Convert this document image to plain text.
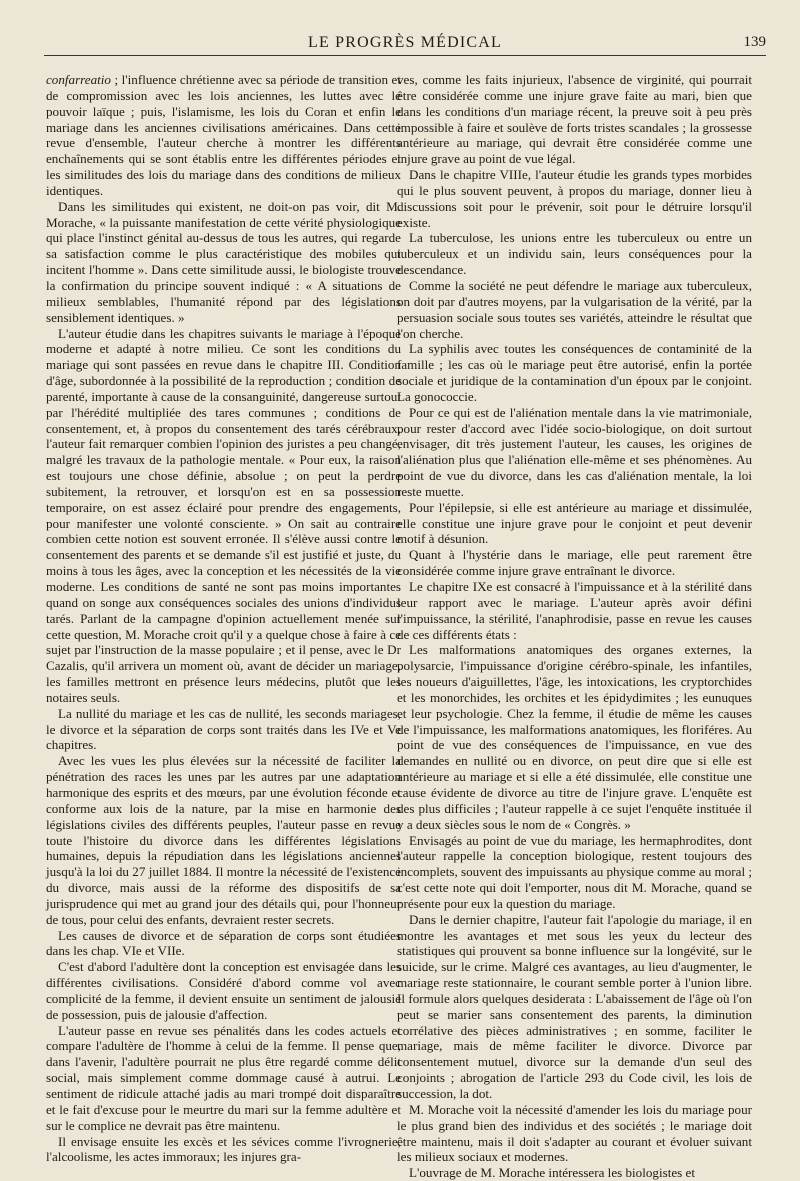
LE PROGRÈS MÉDICAL	139

confarreatio ; l'influence chrétienne avec sa période de transition et de compromission avec les lois anciennes, les luttes avec le pouvoir laïque ; puis, l'islamisme, les lois du Coran et enfin le mariage dans les anciennes civilisations américaines. Dans cette revue d'ensemble, l'auteur cherche à montrer les différents enchaînements qui se sont établis entre les différentes périodes et les similitudes des lois du mariage dans des conditions de milieux identiques.

Dans les similitudes qui existent, ne doit-on pas voir, dit M. Morache, « la puissante manifestation de cette vérité physiologique qui place l'instinct génital au-dessus de tous les autres, qui regarde sa satisfaction comme le plus caractéristique des mobiles qui incitent l'homme ». Dans cette similitude aussi, le biologiste trouve la confirmation du principe souvent indiqué : « A situations de milieux semblables, l'humanité répond par des législations sensiblement identiques. »

L'auteur étudie dans les chapitres suivants le mariage à l'époque moderne et adapté à notre milieu. Ce sont les conditions du mariage qui sont passées en revue dans le chapitre III. Condition d'âge, subordonnée à la possibilité de la reproduction ; condition de parenté, importante à cause de la consanguinité, dangereuse surtout par l'hérédité multipliée des tares communes ; conditions de consentement, et, à propos du consentement des tarés cérébraux, l'auteur fait remarquer combien l'opinion des juristes a peu changé, malgré les travaux de la pathologie mentale. « Pour eux, la raison est toujours une chose définie, absolue ; on peut la perdre subitement, la retrouver, et lorsqu'on est en sa possession temporaire, on est assez éclairé pour prendre des engagements, pour manifester une volonté consciente. » On sait au contraire combien cette notion est souvent erronée. Il s'élève aussi contre le consentement des parents et se demande s'il est justifié et juste, du moins à tous les âges, avec la conception et les nécessités de la vie moderne. Les conditions de santé ne sont pas moins importantes quand on songe aux conséquences sociales des unions d'individus tarés. Parlant de la campagne d'opinion actuellement menée sur cette question, M. Morache croit qu'il y a quelque chose à faire à ce sujet par l'instruction de la masse populaire ; et il pense, avec le Dr Cazalis, qu'il arrivera un moment où, avant de décider un mariage, les familles mettront en présence leurs médecins, plutôt que les notaires seuls.

La nullité du mariage et les cas de nullité, les seconds mariages, le divorce et la séparation de corps sont traités dans les IVe et Ve chapitres.

Avec les vues les plus élevées sur la nécessité de faciliter la pénétration des races les unes par les autres par une adaptation harmonique des esprits et des mœurs, par une évolution féconde et conforme aux lois de la nature, par la mise en harmonie des législations civiles des différents peuples, l'auteur passe en revue toute l'histoire du divorce dans les différentes législations humaines, depuis la répudiation dans les législations anciennes jusqu'à la loi du 27 juillet 1884. Il montre la nécessité de l'existence du divorce, mais aussi de la réforme des dispositifs de sa jurisprudence qui met au grand jour des détails qui, pour l'honneur de tous, pour celui des enfants, devraient rester secrets.

Les causes de divorce et de séparation de corps sont étudiées dans les chap. VIe et VIIe.

C'est d'abord l'adultère dont la conception est envisagée dans les différentes civilisations. Considéré d'abord comme vol avec complicité de la femme, il devient ensuite un sentiment de jalousie de possession, puis de jalousie d'affection.

L'auteur passe en revue ses pénalités dans les codes actuels et compare l'adultère de l'homme à celui de la femme. Il pense que, dans l'avenir, l'adultère pourrait ne plus être regardé comme délit social, mais simplement comme dommage causé à autrui. Le sentiment de ridicule attaché jadis au mari trompé doit disparaître et le fait d'excuse pour le meurtre du mari sur la femme adultère et sur le complice ne devrait pas être maintenu.

Il envisage ensuite les excès et les sévices comme l'ivrognerie, l'alcoolisme, les actes immoraux; les injures gra-

ves, comme les faits injurieux, l'absence de virginité, qui pourrait être considérée comme une injure grave faite au mari, bien que dans les conditions d'un mariage récent, la preuve soit à peu près impossible à faire et soulève de forts tristes scandales ; la grossesse antérieure au mariage, qui devrait être considérée comme une injure grave au point de vue légal.

Dans le chapitre VIIIe, l'auteur étudie les grands types morbides qui le plus souvent peuvent, à propos du mariage, donner lieu à discussions soit pour le prévenir, soit pour le détruire lorsqu'il existe.

La tuberculose, les unions entre les tuberculeux ou entre un tuberculeux et un individu sain, leurs conséquences pour la descendance.

Comme la société ne peut défendre le mariage aux tuberculeux, on doit par d'autres moyens, par la vulgarisation de la vérité, par la persuasion sociale sous toutes ses variétés, atteindre le résultat que l'on cherche.

La syphilis avec toutes les conséquences de contaminité de la famille ; les cas où le mariage peut être autorisé, enfin la portée sociale et juridique de la contamination d'un époux par le conjoint. La gonococcie.

Pour ce qui est de l'aliénation mentale dans la vie matrimoniale, pour rester d'accord avec l'idée socio-biologique, on doit surtout envisager, dit très justement l'auteur, les causes, les origines de l'aliénation plus que l'aliénation elle-même et ses phénomènes. Au point de vue du divorce, dans les cas d'aliénation mentale, la loi reste muette.

Pour l'épilepsie, si elle est antérieure au mariage et dissimulée, elle constitue une injure grave pour le conjoint et peut devenir motif à désunion.

Quant à l'hystérie dans le mariage, elle peut rarement être considérée comme injure grave entraînant le divorce.

Le chapitre IXe est consacré à l'impuissance et à la stérilité dans leur rapport avec le mariage. L'auteur après avoir défini l'impuissance, la stérilité, l'anaphrodisie, passe en revue les causes de ces différents états :

Les malformations anatomiques des organes externes, la polysarcie, l'impuissance d'origine cérébro-spinale, les infantiles, les noueurs d'aiguillettes, l'âge, les intoxications, les cryptorchides et les monorchides, les orchites et les épidydimites ; les eunuques et leur psychologie. Chez la femme, il étudie de même les causes de l'impuissance, les malformations anatomiques, les floriféres. Au point de vue des conséquences de l'impuissance, en vue des demandes en nullité ou en divorce, on peut dire que si elle est antérieure au mariage et si elle a été dissimulée, elle constitue une cause évidente de divorce au titre de l'injure grave. L'enquête est des plus difficiles ; l'auteur rappelle à ce sujet l'enquête instituée il y a deux siècles sous le nom de « Congrès. »

Envisagés au point de vue du mariage, les hermaphrodites, dont l'auteur rappelle la conception biologique, restent toujours des incomplets, souvent des impuissants au physique comme au moral ; c'est cette note qui doit l'emporter, nous dit M. Morache, quand se présente pour eux la question du mariage.

Dans le dernier chapitre, l'auteur fait l'apologie du mariage, il en montre les avantages et met sous les yeux du lecteur des statistiques qui prouvent sa bonne influence sur la longévité, sur le suicide, sur le crime. Malgré ces avantages, au lieu d'augmenter, le mariage reste stationnaire, le courant semble porter à l'union libre. Il formule alors quelques desiderata : L'abaissement de l'âge où l'on peut se marier sans consentement des parents, la diminution corrélative des pièces administratives ; en somme, faciliter le mariage, mais de même faciliter le divorce. Divorce par consentement mutuel, divorce sur la demande d'un seul des conjoints ; abrogation de l'article 293 du Code civil, les lois de succession, la dot.

M. Morache voit la nécessité d'amender les lois du mariage pour le plus grand bien des individus et des sociétés ; le mariage doit être maintenu, mais il doit s'adapter au courant et évoluer suivant les milieux sociaux et modernes.

L'ouvrage de M. Morache intéressera les biologistes et
